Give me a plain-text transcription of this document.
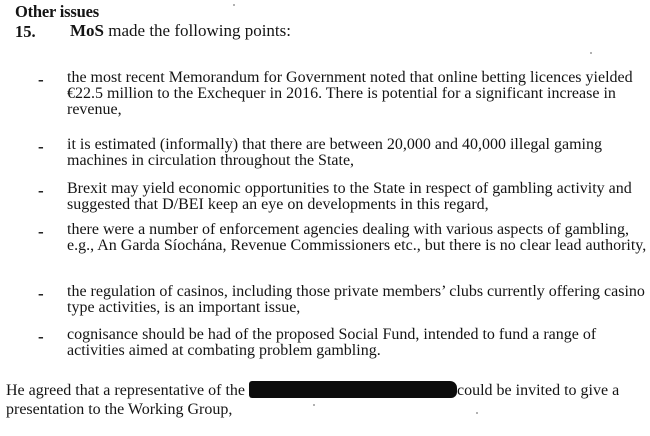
Other issues
15. MoS made the following points:
- the most recent Memorandum for Government noted that online betting licences yielded €22.5 million to the Exchequer in 2016. There is potential for a significant increase in revenue,
- it is estimated (informally) that there are between 20,000 and 40,000 illegal gaming machines in circulation throughout the State,
- Brexit may yield economic opportunities to the State in respect of gambling activity and suggested that D/BEI keep an eye on developments in this regard,
- there were a number of enforcement agencies dealing with various aspects of gambling, e.g., An Garda Síochána, Revenue Commissioners etc., but there is no clear lead authority,
- the regulation of casinos, including those private members’ clubs currently offering casino type activities, is an important issue,
- cognisance should be had of the proposed Social Fund, intended to fund a range of activities aimed at combating problem gambling.
He agreed that a representative of the	could be invited to give a presentation to the Working Group,
